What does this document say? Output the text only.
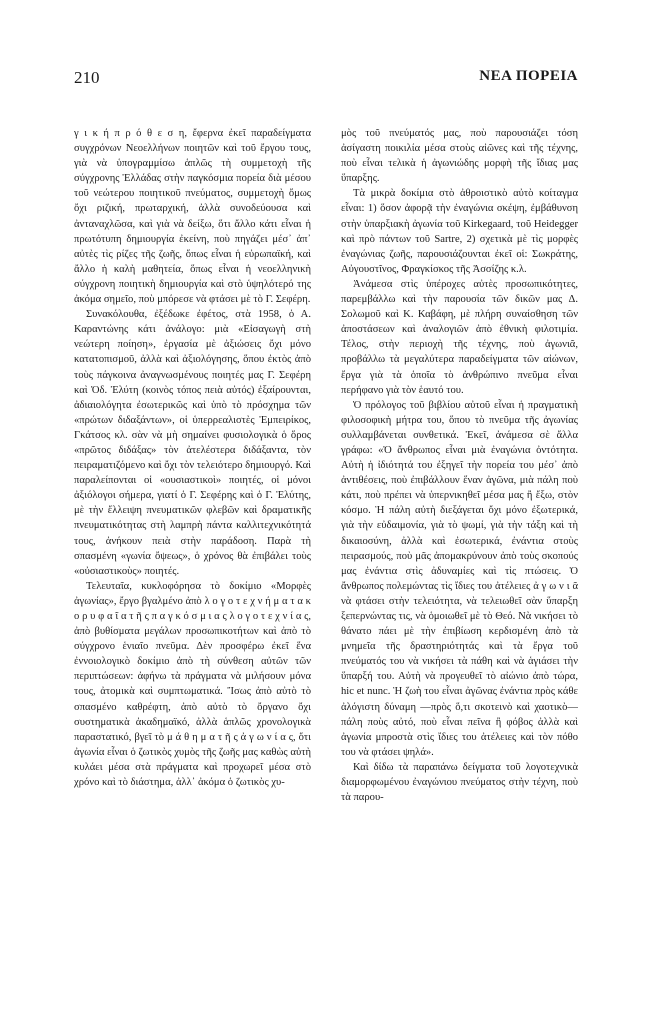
210	ΝΕΑ ΠΟΡΕΙΑ

γ ι κ ή π ρ ό θ ε σ η, ἔφερνα ἐκεῖ παραδείγματα συγχρόνων Νεοελλήνων ποιητῶν καὶ τοῦ ἔργου τους, γιὰ νὰ ὑπογραμμίσω ἁπλῶς τὴ συμμετοχὴ τῆς σύγχρονης Ἑλλάδας στὴν παγκόσμια πορεία διὰ μέσου τοῦ νεώτερου ποιητικοῦ πνεύματος, συμμετοχὴ ὄμως ὄχι ριζική, πρωταρχική, ἀλλὰ συνοδεύουσα καὶ ἀνταναχλῶσα, καὶ γιὰ νὰ δείξω, ὅτι ἄλλο κάτι εἶναι ἡ πρωτότυπη δημιουργία ἐκείνη, ποὺ πηγάζει μέσ᾽ ἀπ᾽ αὐτὲς τὶς ρίζες τῆς ζωῆς, ὅπως εἶναι ἡ εὐρωπαϊκή, καὶ ἄλλο ἡ καλὴ μαθητεία, ὅπως εἶναι ἡ νεοελληνικὴ σύγχρονη ποιητικὴ δημιουργία καὶ στὸ ὑψηλότερό της ἀκόμα σημεῖο, ποὺ μπόρεσε νὰ φτάσει μὲ τὸ Γ. Σεφέρη.

Συνακόλουθα, ἐξέδωκε ἐφέτος, στὰ 1958, ὁ Α. Καραντώνης κάτι ἀνάλογο: μιὰ «Εἰσαγωγὴ στὴ νεώτερη ποίηση», ἐργασία μὲ ἀξιώσεις ὄχι μόνο κατατοπισμοῦ, ἀλλὰ καὶ ἀξιολόγησης, ὅπου ἐκτὸς ἀπὸ τοὺς πάγκοινα ἀναγνωσμένους ποιητές μας Γ. Σεφέρη καὶ Ὀδ. Ἐλύτη (κοινὸς τόπος πειὰ αὐτός) ἐξαίρουνται, ἀδιαιολόγητα ἐσωτερικῶς καὶ ὑπὸ τὸ πρόσχημα τῶν «πρώτων διδαξάντων», οἱ ὑπερρεαλιστὲς Ἐμπειρίκος, Γκάτσος κλ. σὰν νὰ μὴ σημαίνει φυσιολογικὰ ὁ ὅρος «πρῶτος διδάξας» τὸν ἀτελέστερα διδάξαντα, τὸν πειραματιζόμενο καὶ ὄχι τὸν τελειότερο δημιουργό. Καὶ παραλείπονται οἱ «ουσιαστικοὶ» ποιητές, οἱ μόνοι ἀξιόλογοι σήμερα, γιατί ὁ Γ. Σεφέρης καὶ ὁ Γ. Ἐλύτης, μὲ τὴν ἔλλειψη πνευματικῶν φλεβῶν καὶ δραματικῆς πνευματικότητας στὴ λαμπρὴ πάντα καλλιτεχνικότητά τους, ἀνήκουν πειὰ στὴν παράδοση. Παρὰ τὴ σπασμένη «γωνία ὄψεως», ὁ χρόνος θὰ ἐπιβάλει τοὺς «οὐσιαστικοὺς» ποιητές.

Τελευταῖα, κυκλοφόρησα τὸ δοκίμιο «Μορφὲς ἀγωνίας», ἔργο βγαλμένο ἀπὸ λ ο γ ο τ ε χ ν ή μ α τ α κ ο ρ υ φ α ῖ α τ ῆ ς π α γ κ ό σ μ ι α ς λ ο γ ο τ ε χ ν ί α ς, ἀπὸ βυθίσματα μεγάλων προσωπικοτήτων καὶ ἀπὸ τὸ σύγχρονο ἑνιαῖο πνεῦμα. Δὲν προσφέρω ἐκεῖ ἕνα ἐννοιολογικὸ δοκίμιο ἀπὸ τὴ σύνθεση αὐτῶν τῶν περιπτώσεων: ἀφήνω τὰ πράγματα νὰ μιλήσουν μόνα τους, ἀτομικὰ καὶ συμπτωματικά. Ἴσως ἀπὸ αὐτὸ τὸ σπασμένο καθρέφτη, ἀπὸ αὐτὸ τὸ ὄργανο ὄχι συστηματικὰ ἀκαδημαϊκό, ἀλλὰ ἁπλῶς χρονολογικὰ παραστατικό, βγεῖ τὸ μ ά θ η μ α τ ῆ ς ἀ γ ω ν ί α ς, ὅτι ἀγωνία εἶναι ὁ ζωτικὸς χυμὸς τῆς ζωῆς μας καθὼς αὐτὴ κυλάει μέσα στὰ πράγματα καὶ προχωρεῖ μέσα στὸ χρόνο καὶ τὸ διάστημα, ἀλλ᾽ ἀκόμα ὁ ζωτικὸς χυ-

μὸς τοῦ πνεύματός μας, ποὺ παρουσιάζει τόση ἀσίγαστη ποικιλία μέσα στοὺς αἰῶνες καὶ τῆς τέχνης, ποὺ εἶναι τελικὰ ἡ ἀγωνιώδης μορφὴ τῆς ἴδιας μας ὕπαρξης.

Τὰ μικρὰ δοκίμια στὸ ἀθροιστικὸ αὐτὸ κοίταγμα εἶναι: 1) ὅσον ἀφορᾷ τὴν ἐναγώνια σκέψη, ἐμβάθυνση στὴν ὑπαρξιακὴ ἀγωνία τοῦ Kirkegaard, τοῦ Heidegger καὶ πρὸ πάντων τοῦ Sartre, 2) σχετικὰ μὲ τὶς μορφὲς ἐναγώνιας ζωῆς, παρουσιάζουνται ἐκεῖ οἱ: Σωκράτης, Αὐγουστῖνος, Φραγκίσκος τῆς Ἀσσίζης κ.λ.

Ἀνάμεσα στὶς ὑπέροχες αὐτὲς προσωπικότητες, παρεμβάλλω καὶ τὴν παρουσία τῶν δικῶν μας Δ. Σολωμοῦ καὶ Κ. Καβάφη, μὲ πλήρη συναίσθηση τῶν ἀποστάσεων καὶ ἀναλογιῶν ἀπὸ ἐθνικὴ φιλοτιμία. Τέλος, στὴν περιοχὴ τῆς τέχνης, ποὺ ἀγωνιᾶ, προβάλλω τὰ μεγαλύτερα παραδείγματα τῶν αἰώνων, ἔργα γιὰ τὰ ὁποῖα τὸ ἀνθρώπινο πνεῦμα εἶναι περήφανο γιὰ τὸν ἑαυτό του.

Ὁ πρόλογος τοῦ βιβλίου αὐτοῦ εἶναι ἡ πραγματικὴ φιλοσοφικὴ μήτρα του, ὅπου τὸ πνεῦμα τῆς ἀγωνίας συλλαμβάνεται συνθετικά. Ἐκεῖ, ἀνάμεσα σὲ ἄλλα γράφω: «Ὁ ἄνθρωπος εἶναι μιὰ ἐναγώνια ὀντότητα. Αὐτὴ ἡ ἰδιότητά του ἐξηγεῖ τὴν πορεία του μέσ᾽ ἀπὸ ἀντιθέσεις, ποὺ ἐπιβάλλουν ἕναν ἀγῶνα, μιὰ πάλη ποὺ κάτι, ποὺ πρέπει νὰ ὑπερνικηθεῖ μέσα μας ἢ ἔξω, στὸν κόσμο. Ἡ πάλη αὐτὴ διεξάγεται ὄχι μόνο ἐξωτερικά, γιὰ τὴν εὐδαιμονία, γιὰ τὸ ψωμί, γιὰ τὴν τάξη καὶ τὴ δικαιοσύνη, ἀλλὰ καὶ ἐσωτερικά, ἐνάντια στοὺς πειρασμούς, ποὺ μᾶς ἀπομακρύνουν ἀπὸ τοὺς σκοπούς μας ἐνάντια στὶς ἀδυναμίες καὶ τὶς πτώσεις. Ὁ ἄνθρωπος πολεμώντας τὶς ἴδιες του ἀτέλειες ἀ γ ω ν ι ᾶ νὰ φτάσει στὴν τελειότητα, νὰ τελειωθεῖ σὰν ὕπαρξη ξεπερνώντας τις, νὰ ὁμοιωθεῖ μὲ τὸ Θεό. Νὰ νικήσει τὸ θάνατο πάει μὲ τὴν ἐπιβίωση κερδισμένη ἀπὸ τὰ μνημεῖα τῆς δραστηριότητάς καὶ τὰ ἔργα τοῦ πνεύματός του νὰ νικήσει τὰ πάθη καὶ νὰ ἁγιάσει τὴν ὕπαρξή του. Αὐτὴ νὰ προγευθεῖ τὸ αἰώνιο ἀπὸ τώρα, hic et nunc. Ἡ ζωὴ του εἶναι ἀγῶνας ἐνάντια πρὸς κάθε ἀλόγιστη δύναμη —πρὸς ὅ,τι σκοτεινὸ καὶ χαοτικὸ— πάλη ποὺς αὐτό, ποὺ εἶναι πεῖνα ἢ φόβος ἀλλὰ καὶ ἀγωνία μπροστὰ στὶς ἴδιες του ἀτέλειες καὶ τὸν πόθο του νὰ φτάσει ψηλά».

Καὶ δίδω τὰ παραπάνω δείγματα τοῦ λογοτεχνικὰ διαμορφωμένου ἐναγώνιου πνεύματος στὴν τέχνη, ποὺ τὰ παρου-
